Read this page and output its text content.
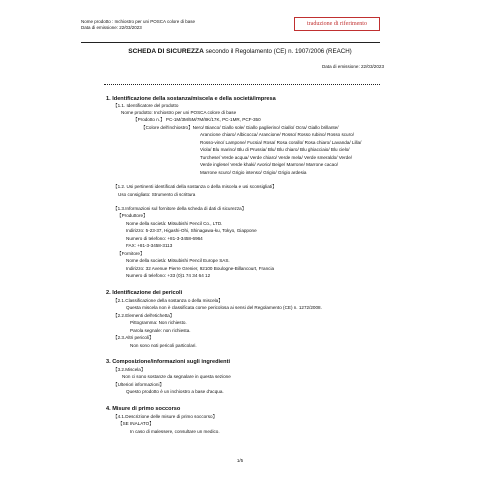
Nome prodotto : Inchiostro per uni POSCA colore di base
Data di emissione: 22/03/2023
traduzione di riferimento
SCHEDA DI SICUREZZA secondo il Regolamento (CE) n. 1907/2006 (REACH)
Data di emissione: 22/03/2023
1. Identificazione della sostanza/miscela e della società/impresa
【1.1. Identificatore del prodotto
Nome prodotto: Inchiostro per uni POSCA colore di base
【Prodotto n.】 PC-1M/3M/5M/7M/8K/17K, PC-1MR, PCF-350
【Colore dell'inchiostro】Nero/ Bianco/ Giallo sole/ Giallo paglierino/ Giallo/ Ocra/ Giallo brillante/
Arancione chiaro/ Albicocca/ Arancione/ Rosso/ Rosso rubino/ Rosso scuro/
Rosso-vino/ Lampone/ Fucsia/ Rosa/ Rosa corallo/ Rosa chiaro/ Lavanda/ Lilla/
Viola/ Blu marino/ Blu di Prussia/ Blu/ Blu chiaro/ Blu ghiacciaio/ Blu cielo/
Turchese/ Verde acqua/ Verde chiaro/ Verde mela/ Verde smeraldo/ Verde/
Verde inglese/ Verde khaki/ Avorio/ Beige/ Marrone/ Marrone cacao/
Marrone scuro/ Grigio intenso/ Grigio/ Grigio ardesia
【1.2. Usi pertinenti identificati della sostanza o della miscela e usi sconsigliati】
Uso consigliato: Strumento di scrittura
【1.3.Informazioni sul fornitore della scheda di dati di sicurezza】
【Produttore】
Nome della società: Mitsubishi Pencil Co., LTD.
Indirizzo: 5-23-37, Higashi-Ohi, Shinagawa-ku, Tokyo, Giappone
Numero di telefono: +81-3-3458-6964
FAX: +81-3-3458-3113
【Fornitore】
Nome della società: Mitsubishi Pencil Europe SAS.
Indirizzo: 32 Avenue Pierre Grenier, 92100 Boulogne-Billancourt, Francia
Numero di telefono: +33 (0)1 74 34 64 12
2. Identificazione dei pericoli
【2.1.Classificazione della sostanza o della miscela】
Questa miscela non è classificata come pericolosa ai sensi del Regolamento (CE) n. 1272/2008.
【2.2.Elementi dell'etichetta】
Pittogramma: Non richiesto.
Parola segnale: non richiesta.
【2.3.Altri pericoli】
Non sono noti pericoli particolari.
3. Composizione/informazioni sugli ingredienti
【3.2.Miscela】
Non ci sono sostanze da segnalare in questa sezione
【Ulteriori informazioni】
Questo prodotto è un inchiostro a base d'acqua.
4. Misure di primo soccorso
【4.1.Descrizione delle misure di primo soccorso】
【SE INALATO】
In caso di malessere, consultare un medico.
1/5
